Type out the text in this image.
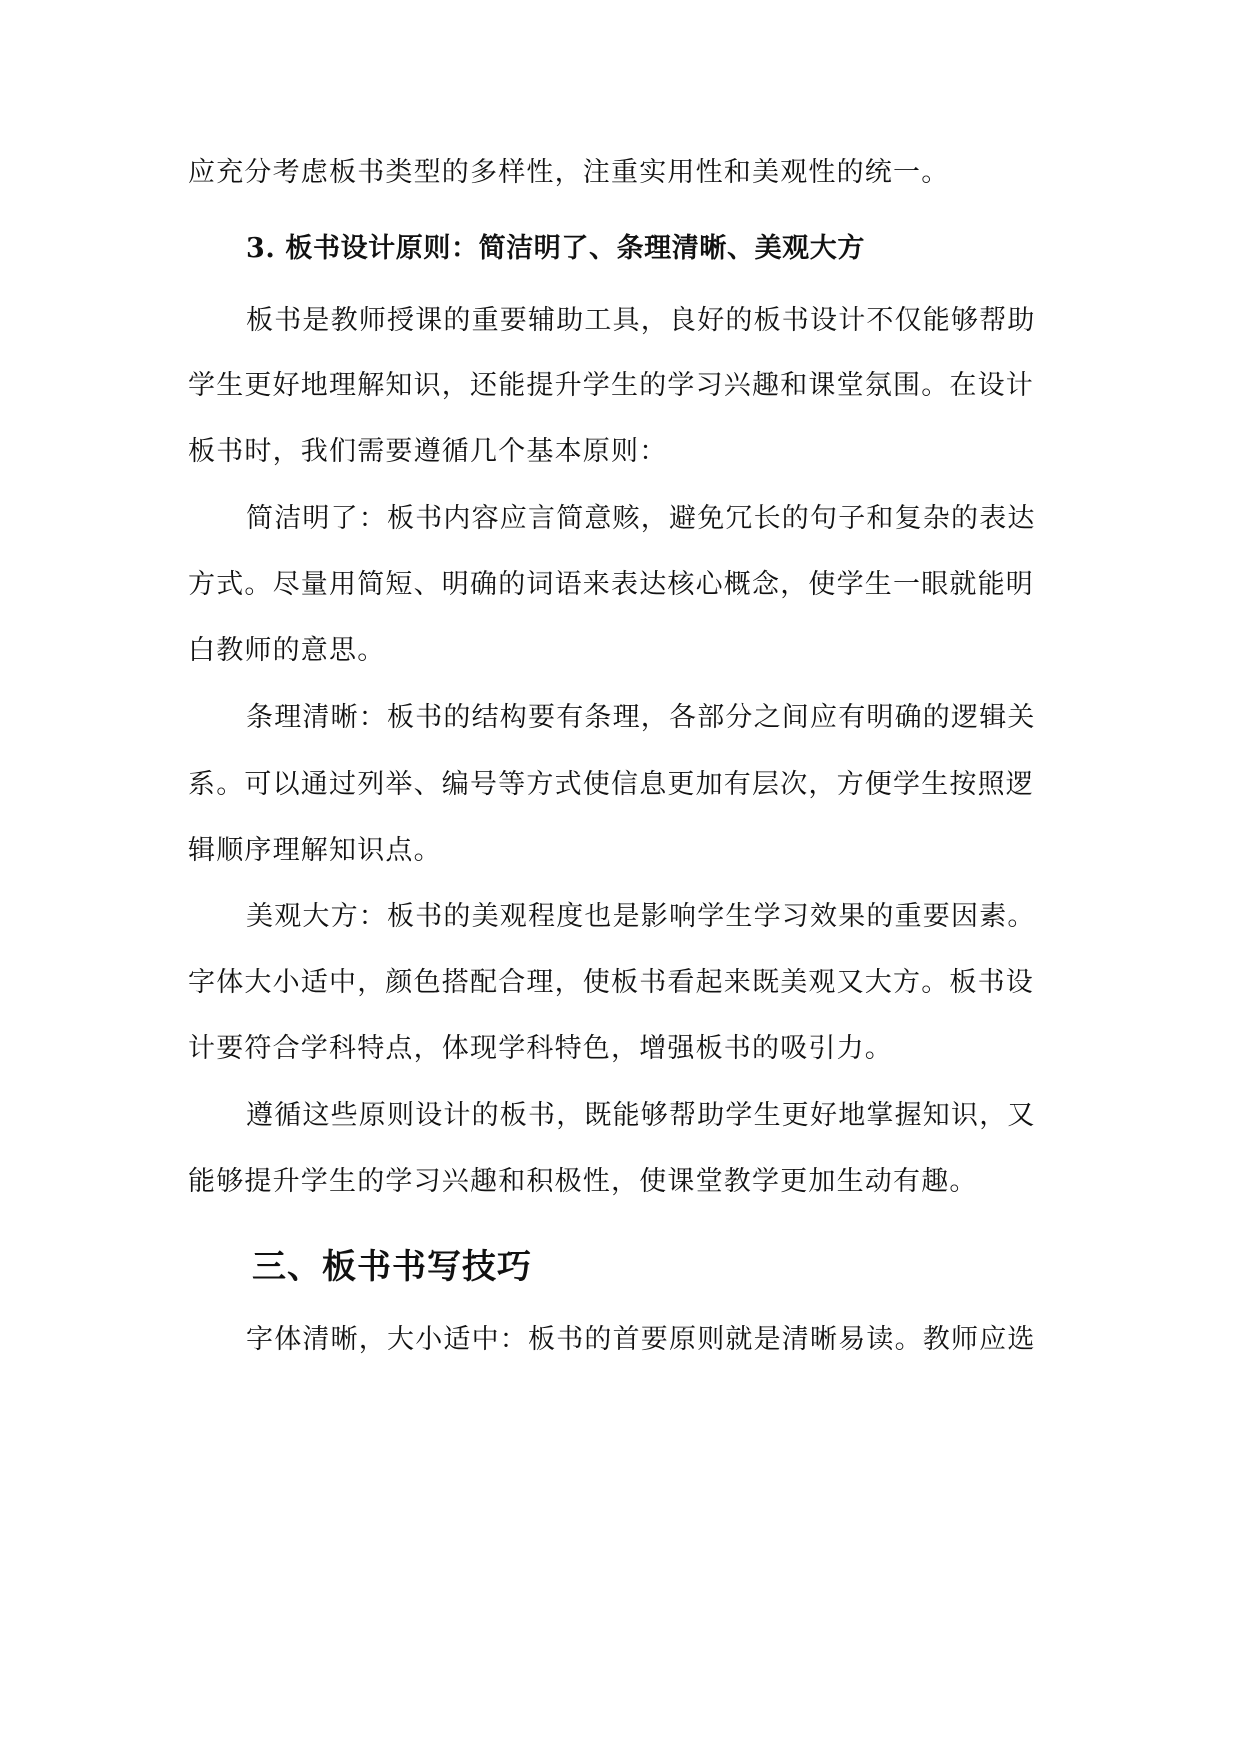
应充分考虑板书类型的多样性，注重实用性和美观性的统一。
3. 板书设计原则：简洁明了、条理清晰、美观大方
板书是教师授课的重要辅助工具，良好的板书设计不仅能够帮助
学生更好地理解知识，还能提升学生的学习兴趣和课堂氛围。在设计
板书时，我们需要遵循几个基本原则：
简洁明了：板书内容应言简意赅，避免冗长的句子和复杂的表达
方式。尽量用简短、明确的词语来表达核心概念，使学生一眼就能明
白教师的意思。
条理清晰：板书的结构要有条理，各部分之间应有明确的逻辑关
系。可以通过列举、编号等方式使信息更加有层次，方便学生按照逻
辑顺序理解知识点。
美观大方：板书的美观程度也是影响学生学习效果的重要因素。
字体大小适中，颜色搭配合理，使板书看起来既美观又大方。板书设
计要符合学科特点，体现学科特色，增强板书的吸引力。
遵循这些原则设计的板书，既能够帮助学生更好地掌握知识，又
能够提升学生的学习兴趣和积极性，使课堂教学更加生动有趣。
三、板书书写技巧
字体清晰，大小适中：板书的首要原则就是清晰易读。教师应选
